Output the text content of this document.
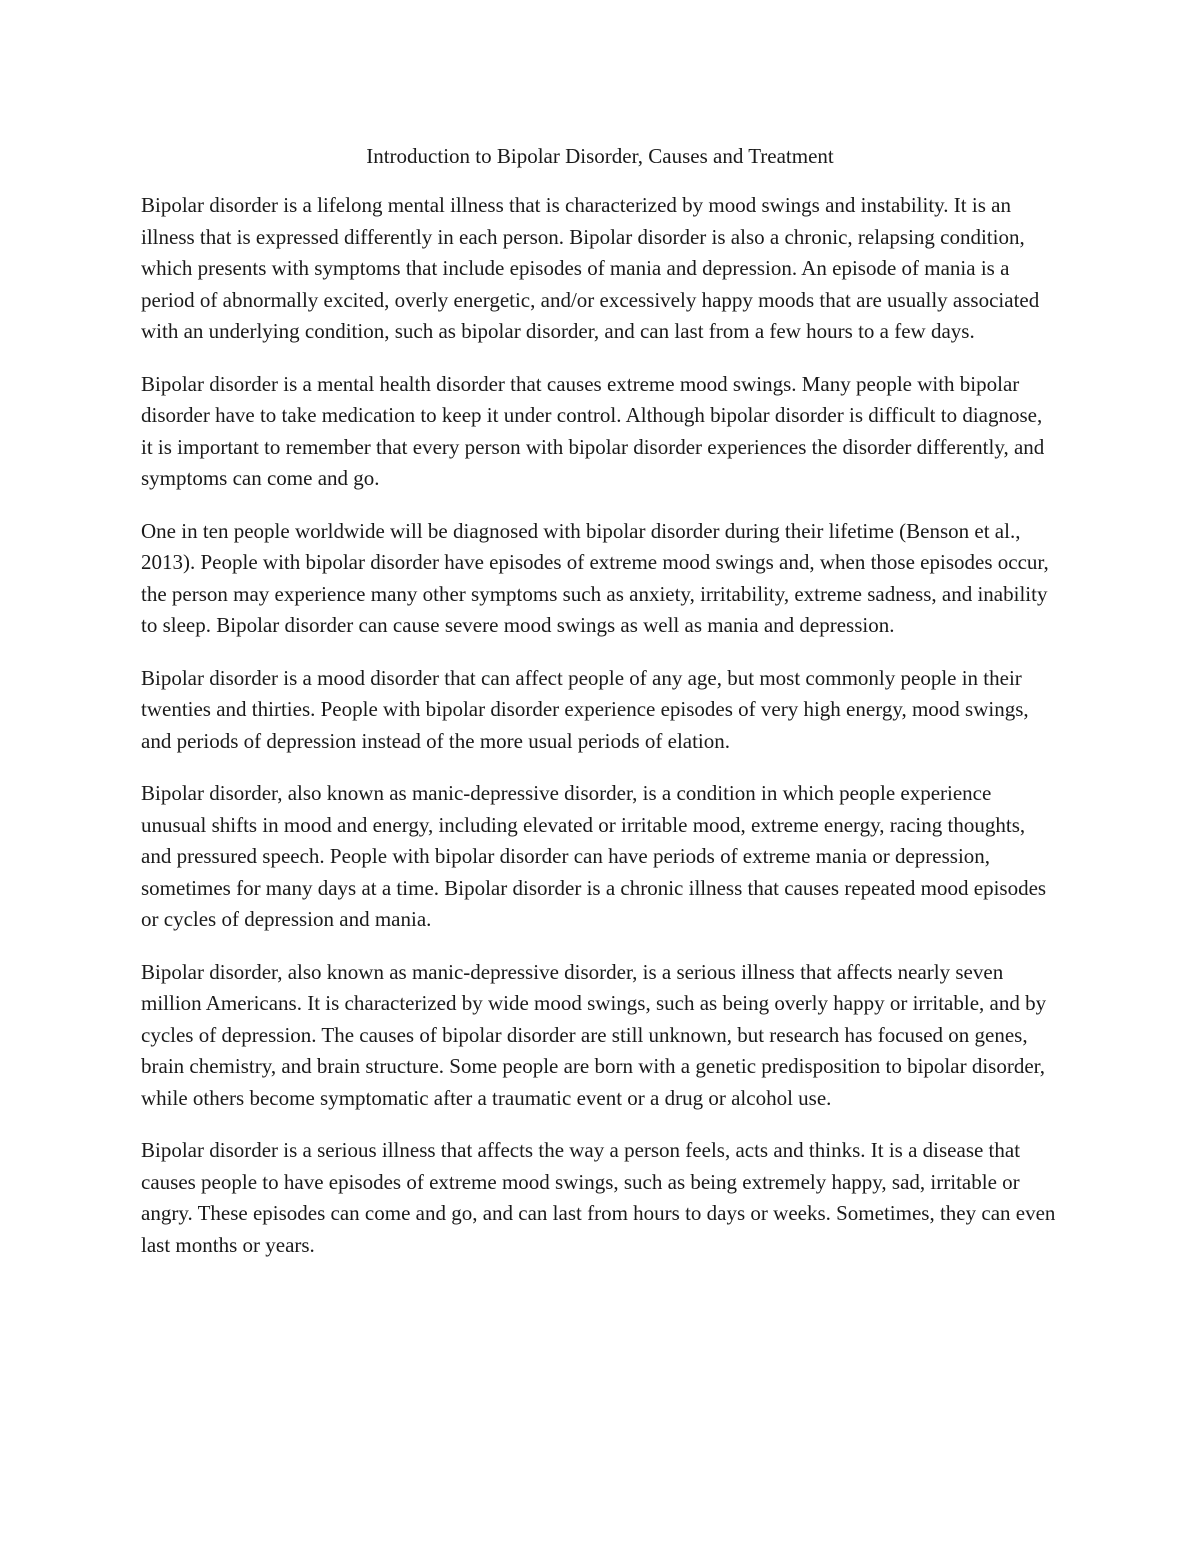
Introduction to Bipolar Disorder, Causes and Treatment

Bipolar disorder is a lifelong mental illness that is characterized by mood swings and instability. It is an illness that is expressed differently in each person. Bipolar disorder is also a chronic, relapsing condition, which presents with symptoms that include episodes of mania and depression. An episode of mania is a period of abnormally excited, overly energetic, and/or excessively happy moods that are usually associated with an underlying condition, such as bipolar disorder, and can last from a few hours to a few days.

Bipolar disorder is a mental health disorder that causes extreme mood swings. Many people with bipolar disorder have to take medication to keep it under control. Although bipolar disorder is difficult to diagnose, it is important to remember that every person with bipolar disorder experiences the disorder differently, and symptoms can come and go.

One in ten people worldwide will be diagnosed with bipolar disorder during their lifetime (Benson et al., 2013). People with bipolar disorder have episodes of extreme mood swings and, when those episodes occur, the person may experience many other symptoms such as anxiety, irritability, extreme sadness, and inability to sleep. Bipolar disorder can cause severe mood swings as well as mania and depression.

Bipolar disorder is a mood disorder that can affect people of any age, but most commonly people in their twenties and thirties. People with bipolar disorder experience episodes of very high energy, mood swings, and periods of depression instead of the more usual periods of elation.

Bipolar disorder, also known as manic-depressive disorder, is a condition in which people experience unusual shifts in mood and energy, including elevated or irritable mood, extreme energy, racing thoughts, and pressured speech. People with bipolar disorder can have periods of extreme mania or depression, sometimes for many days at a time. Bipolar disorder is a chronic illness that causes repeated mood episodes or cycles of depression and mania.

Bipolar disorder, also known as manic-depressive disorder, is a serious illness that affects nearly seven million Americans. It is characterized by wide mood swings, such as being overly happy or irritable, and by cycles of depression. The causes of bipolar disorder are still unknown, but research has focused on genes, brain chemistry, and brain structure. Some people are born with a genetic predisposition to bipolar disorder, while others become symptomatic after a traumatic event or a drug or alcohol use.

Bipolar disorder is a serious illness that affects the way a person feels, acts and thinks. It is a disease that causes people to have episodes of extreme mood swings, such as being extremely happy, sad, irritable or angry. These episodes can come and go, and can last from hours to days or weeks. Sometimes, they can even last months or years.
